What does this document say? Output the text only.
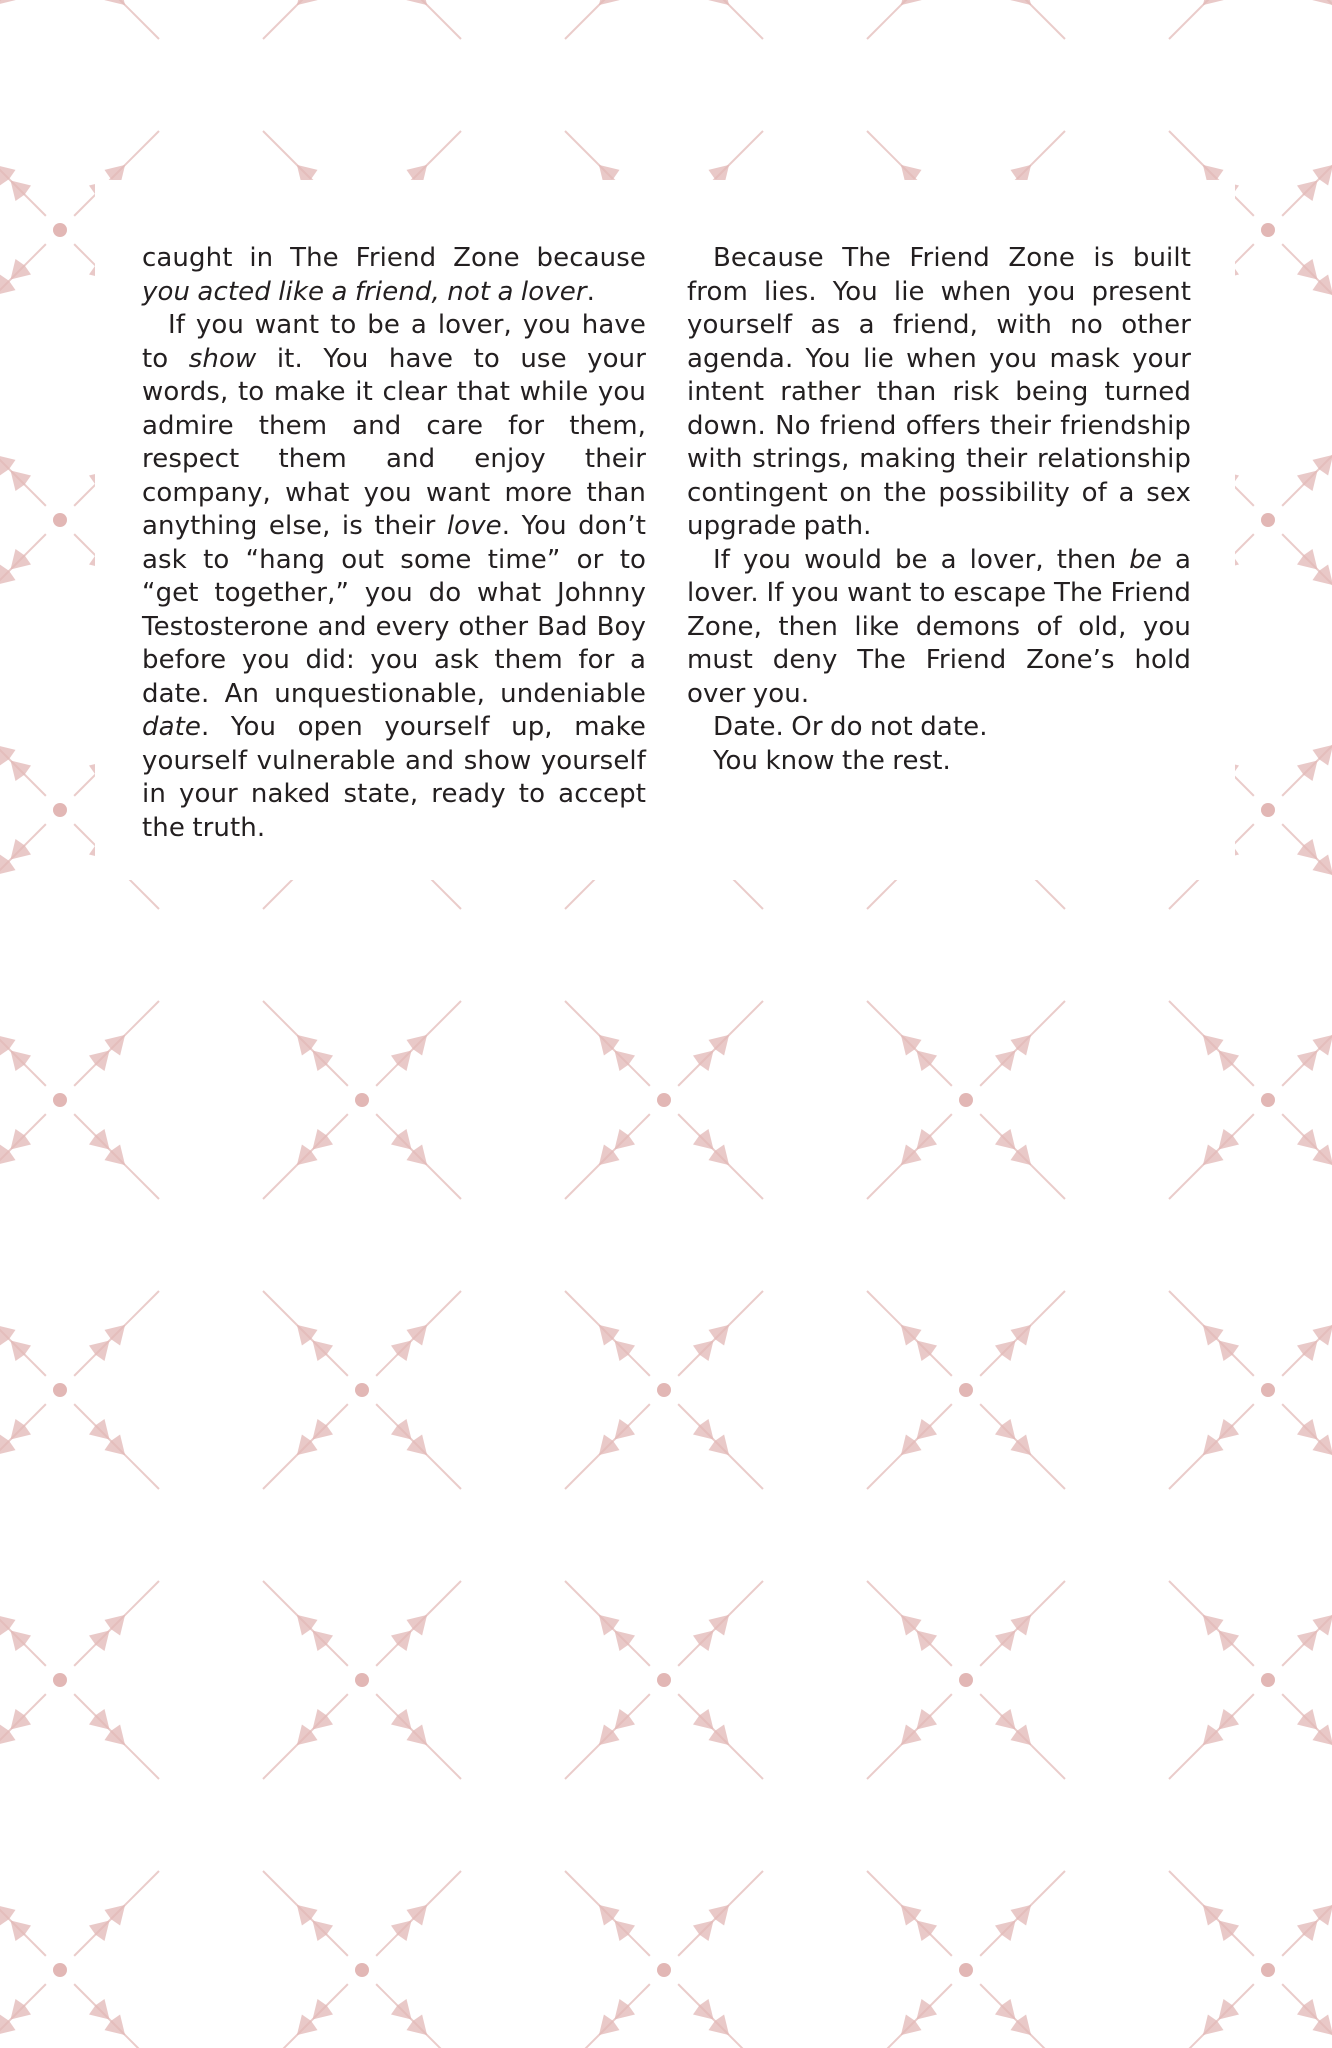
caught in The Friend Zone because you acted like a friend, not a lover.

If you want to be a lover, you have to show it. You have to use your words, to make it clear that while you admire them and care for them, respect them and enjoy their company, what you want more than anything else, is their love. You don’t ask to “hang out some time” or to “get together,” you do what Johnny Testosterone and every other Bad Boy before you did: you ask them for a date. An unquestionable, undeniable date. You open yourself up, make yourself vulnerable and show yourself in your naked state, ready to accept the truth.

Because The Friend Zone is built from lies. You lie when you present yourself as a friend, with no other agenda. You lie when you mask your intent rather than risk being turned down. No friend offers their friendship with strings, making their relationship contingent on the possibility of a sex upgrade path.

If you would be a lover, then be a lover. If you want to escape The Friend Zone, then like demons of old, you must deny The Friend Zone’s hold over you.

Date. Or do not date.

You know the rest.
